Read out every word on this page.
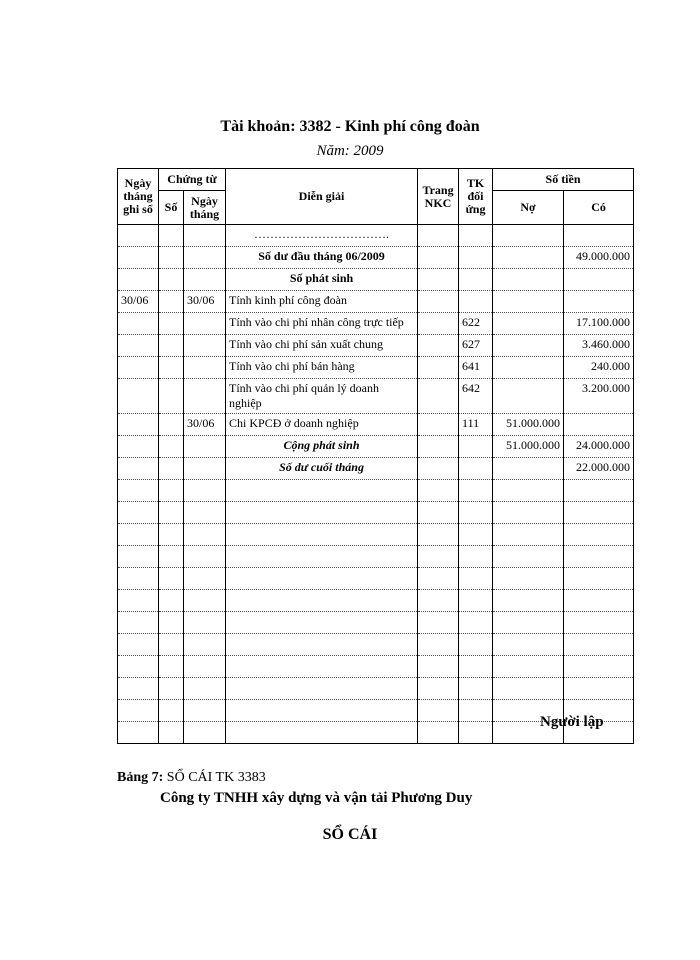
Tài khoản: 3382 - Kinh phí công đoàn
Năm: 2009
Ngày tháng ghi sổ	Chứng từ		Diễn giải	Trang NKC	TK đối ứng	Số tiền	
	Số	Ngày tháng				Nợ	Có
			…………………………….				
			Số dư đầu tháng 06/2009				49.000.000
			Số phát sinh				
30/06		30/06	Tính kinh phí công đoàn				
			Tính vào chi phí nhân công trực tiếp		622		17.100.000
			Tính vào chi phí sản xuất chung		627		3.460.000
			Tính vào chi phí bán hàng		641		240.000
			Tính vào chi phí quản lý doanh nghiệp		642		3.200.000
		30/06	Chi KPCĐ ở doanh nghiệp		111	51.000.000	
			Cộng phát sinh			51.000.000	24.000.000
			Số dư cuối tháng				22.000.000

Người lập
Bảng 7: SỔ CÁI TK 3383
Công ty TNHH xây dựng và vận tải Phương Duy
SỔ CÁI
